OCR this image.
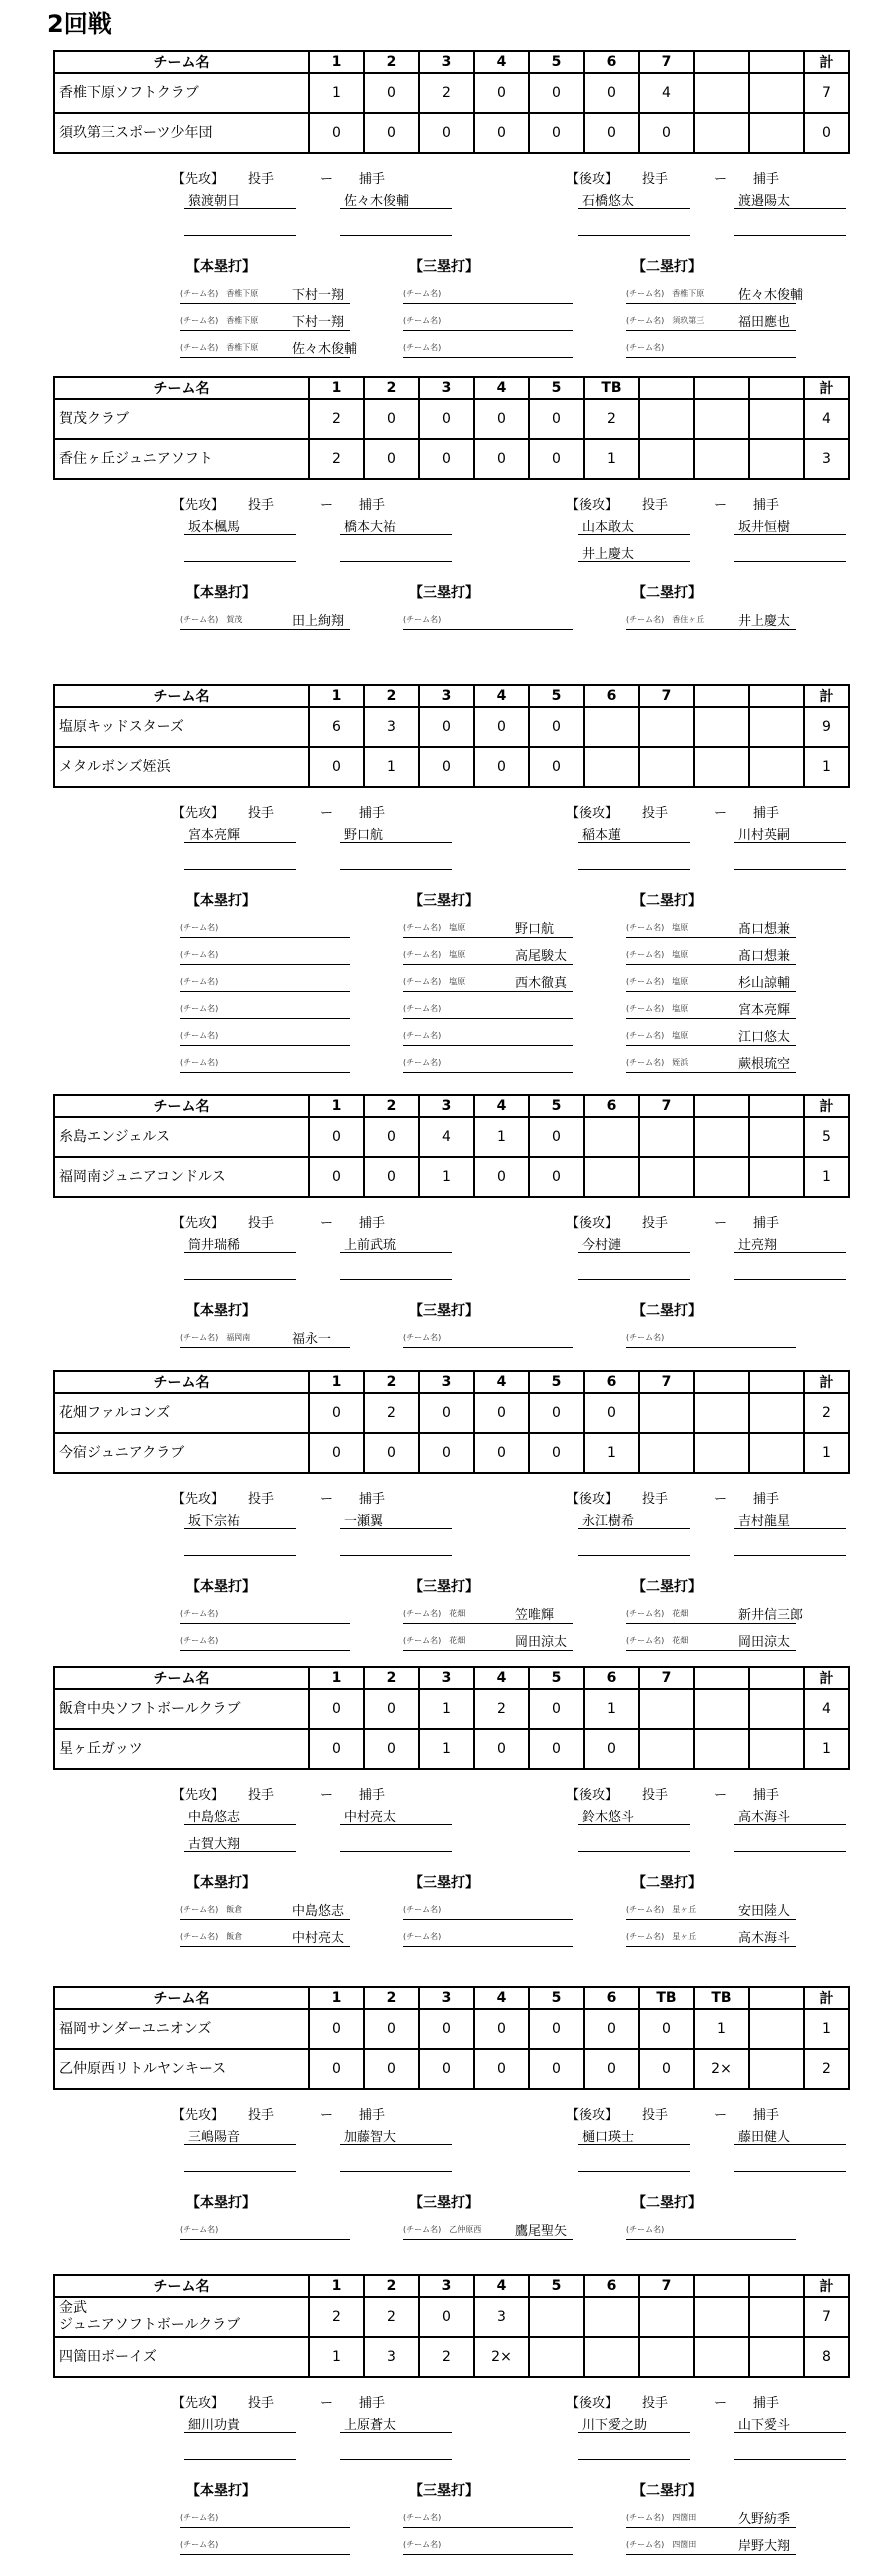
2回戦
チーム名	1	2	3	4	5	6	7			計
香椎下原ソフトクラブ	1	0	2	0	0	0	4			7
須玖第三スポーツ少年団	0	0	0	0	0	0	0			0
【先攻】 投手	ー 捕手
猿渡朝日	佐々木俊輔
【後攻】 投手	ー 捕手
石橋悠太	渡邉陽太
【本塁打】
(チーム名) 香椎下原	下村一翔
(チーム名) 香椎下原	下村一翔
(チーム名) 香椎下原	佐々木俊輔
【三塁打】
(チーム名)
(チーム名)
(チーム名)
【二塁打】
(チーム名) 香椎下原	佐々木俊輔
(チーム名) 須玖第三	福田應也
(チーム名)
チーム名	1	2	3	4	5	TB				計
賀茂クラブ	2	0	0	0	0	2				4
香住ヶ丘ジュニアソフト	2	0	0	0	0	1				3
【先攻】 投手	ー 捕手
坂本楓馬	橋本大祐
【後攻】 投手	ー 捕手
山本敢太	坂井恒樹
井上慶太
【本塁打】
(チーム名) 賀茂	田上絢翔
【三塁打】
(チーム名)
【二塁打】
(チーム名) 香住ヶ丘	井上慶太
チーム名	1	2	3	4	5	6	7			計
塩原キッドスターズ	6	3	0	0	0					9
メタルボンズ姪浜	0	1	0	0	0					1
【先攻】 投手	ー 捕手
宮本亮輝	野口航
【後攻】 投手	ー 捕手
稲本蓮	川村英嗣
【本塁打】
(チーム名)
(チーム名)
(チーム名)
(チーム名)
(チーム名)
(チーム名)
【三塁打】
(チーム名) 塩原	野口航
(チーム名) 塩原	高尾駿太
(チーム名) 塩原	西木徹真
(チーム名)
(チーム名)
(チーム名)
【二塁打】
(チーム名) 塩原	髙口想兼
(チーム名) 塩原	髙口想兼
(チーム名) 塩原	杉山諒輔
(チーム名) 塩原	宮本亮輝
(チーム名) 塩原	江口悠太
(チーム名) 姪浜	蕨根琉空
チーム名	1	2	3	4	5	6	7			計
糸島エンジェルス	0	0	4	1	0					5
福岡南ジュニアコンドルス	0	0	1	0	0					1
【先攻】 投手	ー 捕手
筒井瑞稀	上前武琉
【後攻】 投手	ー 捕手
今村漣	辻亮翔
【本塁打】
(チーム名) 福岡南	福永一
【三塁打】
(チーム名)
【二塁打】
(チーム名)
チーム名	1	2	3	4	5	6	7			計
花畑ファルコンズ	0	2	0	0	0	0				2
今宿ジュニアクラブ	0	0	0	0	0	1				1
【先攻】 投手	ー 捕手
坂下宗祐	一瀬翼
【後攻】 投手	ー 捕手
永江樹希	吉村龍星
【本塁打】
(チーム名)
(チーム名)
【三塁打】
(チーム名) 花畑	笠唯輝
(チーム名) 花畑	岡田涼太
【二塁打】
(チーム名) 花畑	新井信三郎
(チーム名) 花畑	岡田涼太
チーム名	1	2	3	4	5	6	7			計
飯倉中央ソフトボールクラブ	0	0	1	2	0	1				4
星ヶ丘ガッツ	0	0	1	0	0	0				1
【先攻】 投手	ー 捕手
中島悠志	中村亮太
古賀大翔
【後攻】 投手	ー 捕手
鈴木悠斗	高木海斗
【本塁打】
(チーム名) 飯倉	中島悠志
(チーム名) 飯倉	中村亮太
【三塁打】
(チーム名)
(チーム名)
【二塁打】
(チーム名) 星ヶ丘	安田陸人
(チーム名) 星ヶ丘	高木海斗
チーム名	1	2	3	4	5	6	TB	TB		計
福岡サンダーユニオンズ	0	0	0	0	0	0	0	1		1
乙仲原西リトルヤンキース	0	0	0	0	0	0	0	2×		2
【先攻】 投手	ー 捕手
三嶋陽音	加藤智大
【後攻】 投手	ー 捕手
樋口瑛士	藤田健人
【本塁打】
(チーム名)
【三塁打】
(チーム名) 乙仲原西	鷹尾聖矢
【二塁打】
(チーム名)
チーム名	1	2	3	4	5	6	7			計
金武
ジュニアソフトボールクラブ	2	2	0	3						7
四箇田ボーイズ	1	3	2	2×						8
【先攻】 投手	ー 捕手
細川功貴	上原蒼太
【後攻】 投手	ー 捕手
川下愛之助	山下愛斗
【本塁打】
(チーム名)
(チーム名)
【三塁打】
(チーム名)
(チーム名)
【二塁打】
(チーム名) 四箇田	久野紡季
(チーム名) 四箇田	岸野大翔
